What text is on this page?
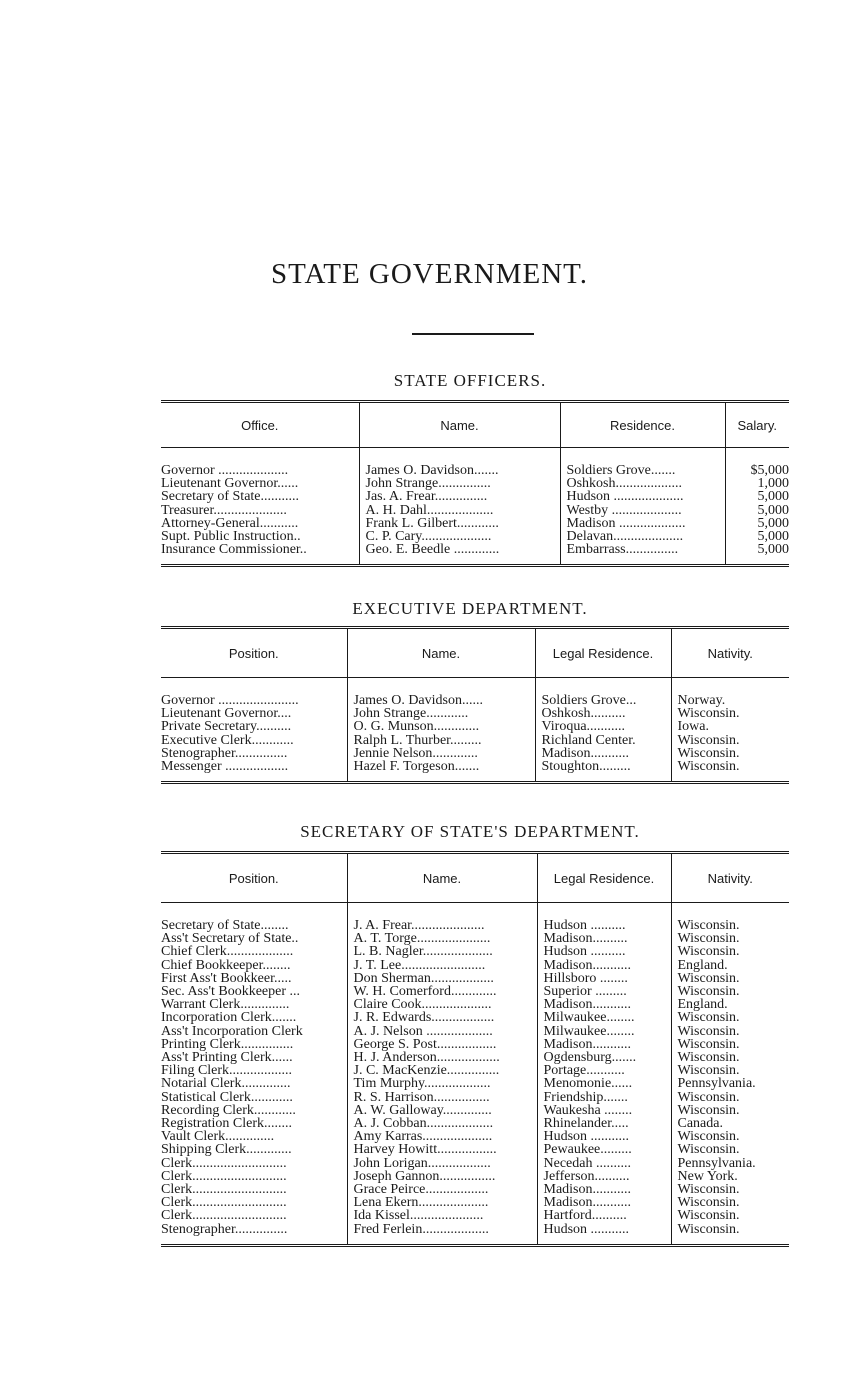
STATE GOVERNMENT.
STATE OFFICERS.
Office.	Name.	Residence.	Salary.

Governor ....................	James O. Davidson.......	Soldiers Grove.......	$5,000
Lieutenant Governor......	John Strange...............	Oshkosh...................	1,000
Secretary of State...........	Jas. A. Frear...............	Hudson ....................	5,000
Treasurer.....................	A. H. Dahl...................	Westby ....................	5,000
Attorney-General...........	Frank L. Gilbert............	Madison ...................	5,000
Supt. Public Instruction..	C. P. Cary....................	Delavan....................	5,000
Insurance Commissioner..	Geo. E. Beedle .............	Embarrass...............	5,000

EXECUTIVE DEPARTMENT.
Position.	Name.	Legal Residence.	Nativity.

Governor .......................	James O. Davidson......	Soldiers Grove...	Norway.
Lieutenant Governor....	John Strange............	Oshkosh..........	Wisconsin.
Private Secretary..........	O. G. Munson.............	Viroqua...........	Iowa.
Executive Clerk............	Ralph L. Thurber.........	Richland Center.	Wisconsin.
Stenographer...............	Jennie Nelson.............	Madison...........	Wisconsin.
Messenger ..................	Hazel F. Torgeson.......	Stoughton.........	Wisconsin.

SECRETARY OF STATE'S DEPARTMENT.
Position.	Name.	Legal Residence.	Nativity.

Secretary of State........	J. A. Frear.....................	Hudson ..........	Wisconsin.
Ass't Secretary of State..	A. T. Torge.....................	Madison..........	Wisconsin.
Chief Clerk...................	L. B. Nagler....................	Hudson ..........	Wisconsin.
Chief Bookkeeper........	J. T. Lee........................	Madison...........	England.
First Ass't Bookkeer.....	Don Sherman..................	Hillsboro ........	Wisconsin.
Sec. Ass't Bookkeeper ...	W. H. Comerford.............	Superior .........	Wisconsin.
Warrant Clerk..............	Claire Cook....................	Madison...........	England.
Incorporation Clerk.......	J. R. Edwards..................	Milwaukee........	Wisconsin.
Ass't Incorporation Clerk	A. J. Nelson ...................	Milwaukee........	Wisconsin.
Printing Clerk...............	George S. Post.................	Madison...........	Wisconsin.
Ass't Printing Clerk......	H. J. Anderson..................	Ogdensburg.......	Wisconsin.
Filing Clerk..................	J. C. MacKenzie...............	Portage...........	Wisconsin.
Notarial Clerk..............	Tim Murphy...................	Menomonie......	Pennsylvania.
Statistical Clerk............	R. S. Harrison................	Friendship.......	Wisconsin.
Recording Clerk............	A. W. Galloway..............	Waukesha ........	Wisconsin.
Registration Clerk........	A. J. Cobban...................	Rhinelander.....	Canada.
Vault Clerk..............	Amy Karras....................	Hudson ...........	Wisconsin.
Shipping Clerk.............	Harvey Howitt.................	Pewaukee.........	Wisconsin.
Clerk...........................	John Lorigan..................	Necedah ..........	Pennsylvania.
Clerk...........................	Joseph Gannon................	Jefferson..........	New York.
Clerk...........................	Grace Peirce..................	Madison...........	Wisconsin.
Clerk...........................	Lena Ekern....................	Madison...........	Wisconsin.
Clerk...........................	Ida Kissel.....................	Hartford..........	Wisconsin.
Stenographer...............	Fred Ferlein...................	Hudson ...........	Wisconsin.
